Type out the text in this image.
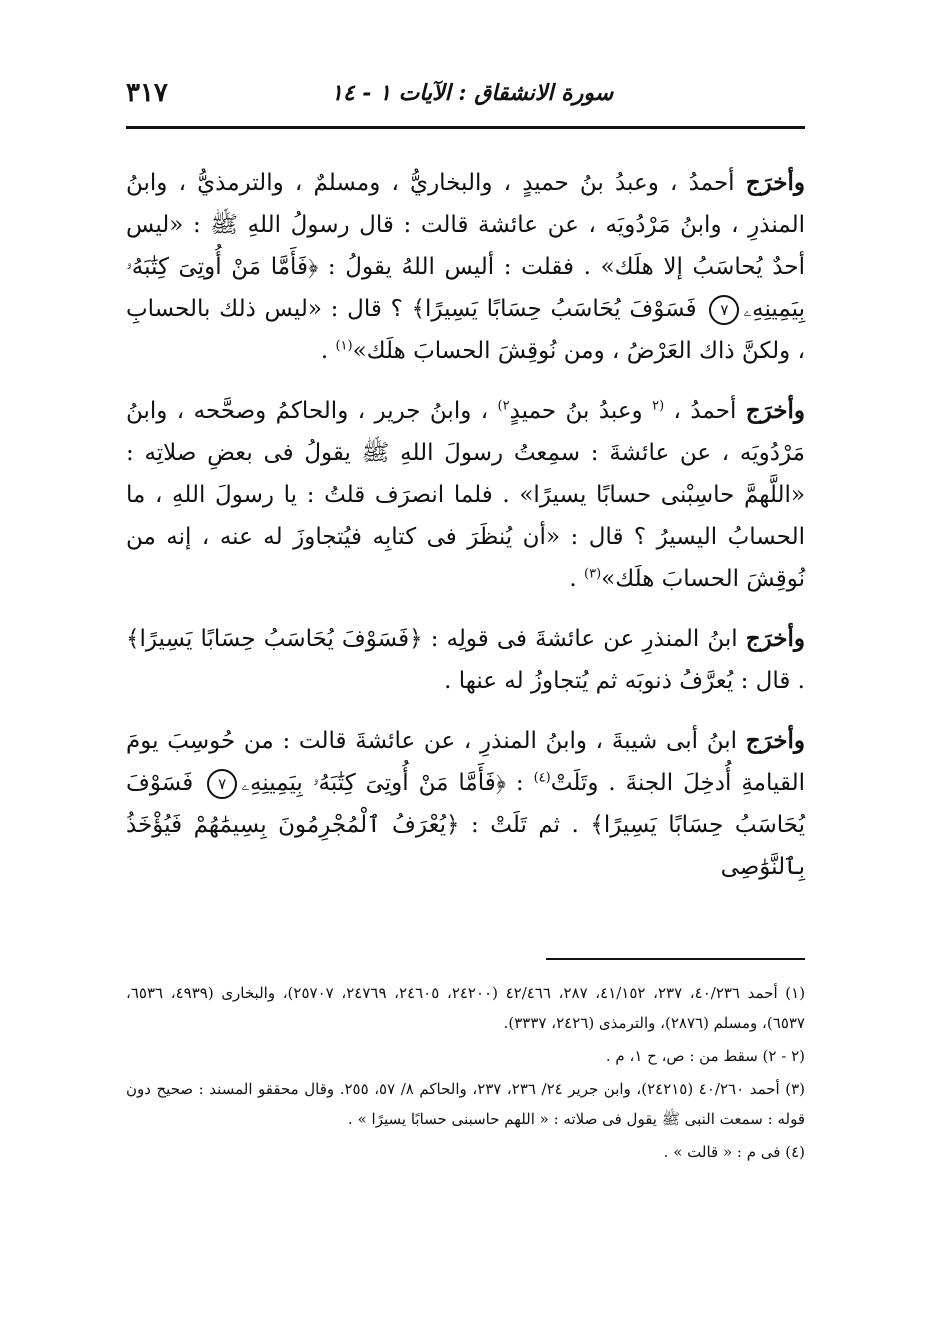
٣١٧	سورة الانشقاق : الآيات ١ - ١٤

وأخرَج أحمدُ ، وعبدُ بنُ حميدٍ ، والبخاريُّ ، ومسلمٌ ، والترمذيُّ ، وابنُ المنذرِ ، وابنُ مَرْدُويَه ، عن عائشة قالت : قال رسولُ اللهِ ﷺ : «ليس أحدٌ يُحاسَبُ إلا هلَك» . فقلت : أليس اللهُ يقولُ : ﴿فَأَمَّا مَنْ أُوتِىَ كِتَٰبَهُۥ بِيَمِينِهِۦ٧ فَسَوْفَ يُحَاسَبُ حِسَابًا يَسِيرًا﴾ ؟ قال : «ليس ذلك بالحسابِ ، ولكنَّ ذاك العَرْضُ ، ومن نُوقِشَ الحسابَ هلَك»$^{(١)}$ .

وأخرَج أحمدُ ، $^{(٢}$ وعبدُ بنُ حميدٍ$^{٢)}$ ، وابنُ جرير ، والحاكمُ وصحَّحه ، وابنُ مَرْدُويَه ، عن عائشةَ : سمِعتُ رسولَ اللهِ ﷺ يقولُ فى بعضِ صلاتِه : «اللَّهمَّ حاسِبْنى حسابًا يسيرًا» . فلما انصرَف قلتُ : يا رسولَ اللهِ ، ما الحسابُ اليسيرُ ؟ قال : «أن يُنظَرَ فى كتابِه فيُتجاوزَ له عنه ، إنه من نُوقِشَ الحسابَ هلَك»$^{(٣)}$ .

وأخرَج ابنُ المنذرِ عن عائشةَ فى قولِه : ﴿فَسَوْفَ يُحَاسَبُ حِسَابًا يَسِيرًا﴾ . قال : يُعرَّفُ ذنوبَه ثم يُتجاوزُ له عنها .

وأخرَج ابنُ أبى شيبةَ ، وابنُ المنذرِ ، عن عائشةَ قالت : من حُوسِبَ يومَ القيامةِ أُدخِلَ الجنةَ . وتَلَتْ$^{(٤)}$ : ﴿فَأَمَّا مَنْ أُوتِىَ كِتَٰبَهُۥ بِيَمِينِهِۦ٧ فَسَوْفَ يُحَاسَبُ حِسَابًا يَسِيرًا﴾ . ثم تَلَتْ : ﴿يُعْرَفُ ٱلْمُجْرِمُونَ بِسِيمَٰهُمْ فَيُؤْخَذُ بِٱلنَّوَٰصِى

(١) أحمد ٤٠/٢٣٦، ٢٣٧، ٤١/١٥٢، ٢٨٧، ٤٢/٤٦٦ (٢٤٢٠٠، ٢٤٦٠٥، ٢٤٧٦٩، ٢٥٧٠٧)، والبخارى (٤٩٣٩، ٦٥٣٦، ٦٥٣٧)، ومسلم (٢٨٧٦)، والترمذى (٢٤٢٦، ٣٣٣٧).

(٢ - ٢) سقط من : ص، ح ١، م .

(٣) أحمد ٤٠/٢٦٠ (٢٤٢١٥)، وابن جرير ٢٤/ ٢٣٦، ٢٣٧، والحاكم ٨/ ٥٧، ٢٥٥. وقال محققو المسند : صحيح دون قوله : سمعت النبى ﷺ يقول فى صلاته : « اللهم حاسبنى حسابًا يسيرًا » .

(٤) فى م : « قالت » .
